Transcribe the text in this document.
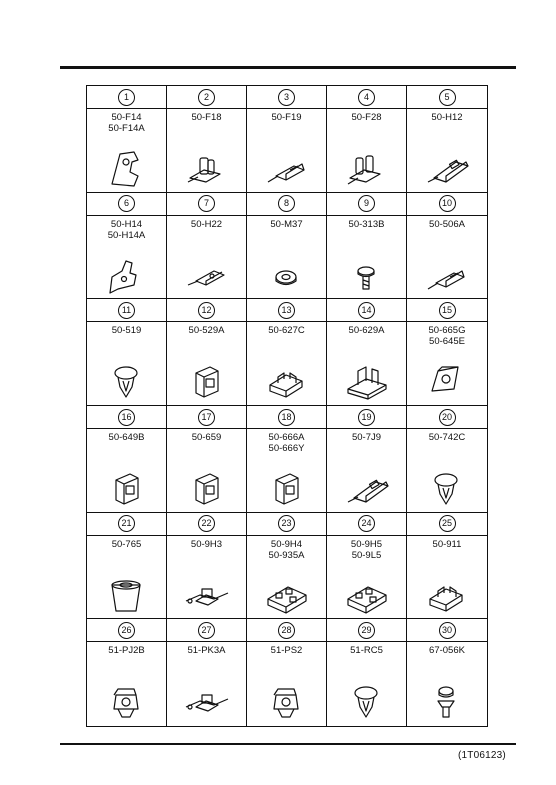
1
50-F14
50-F14A
2
50-F18
3
50-F19
4
50-F28
5
50-H12
6
50-H14
50-H14A
7
50-H22
8
50-M37
9
50-313B
10
50-506A
11
50-519
12
50-529A
13
50-627C
14
50-629A
15
50-665G
50-645E
16
50-649B
17
50-659
18
50-666A
50-666Y
19
50-7J9
20
50-742C
21
50-765
22
50-9H3
23
50-9H4
50-935A
24
50-9H5
50-9L5
25
50-911
26
51-PJ2B
27
51-PK3A
28
51-PS2
29
51-RC5
30
67-056K
(1T06123)
